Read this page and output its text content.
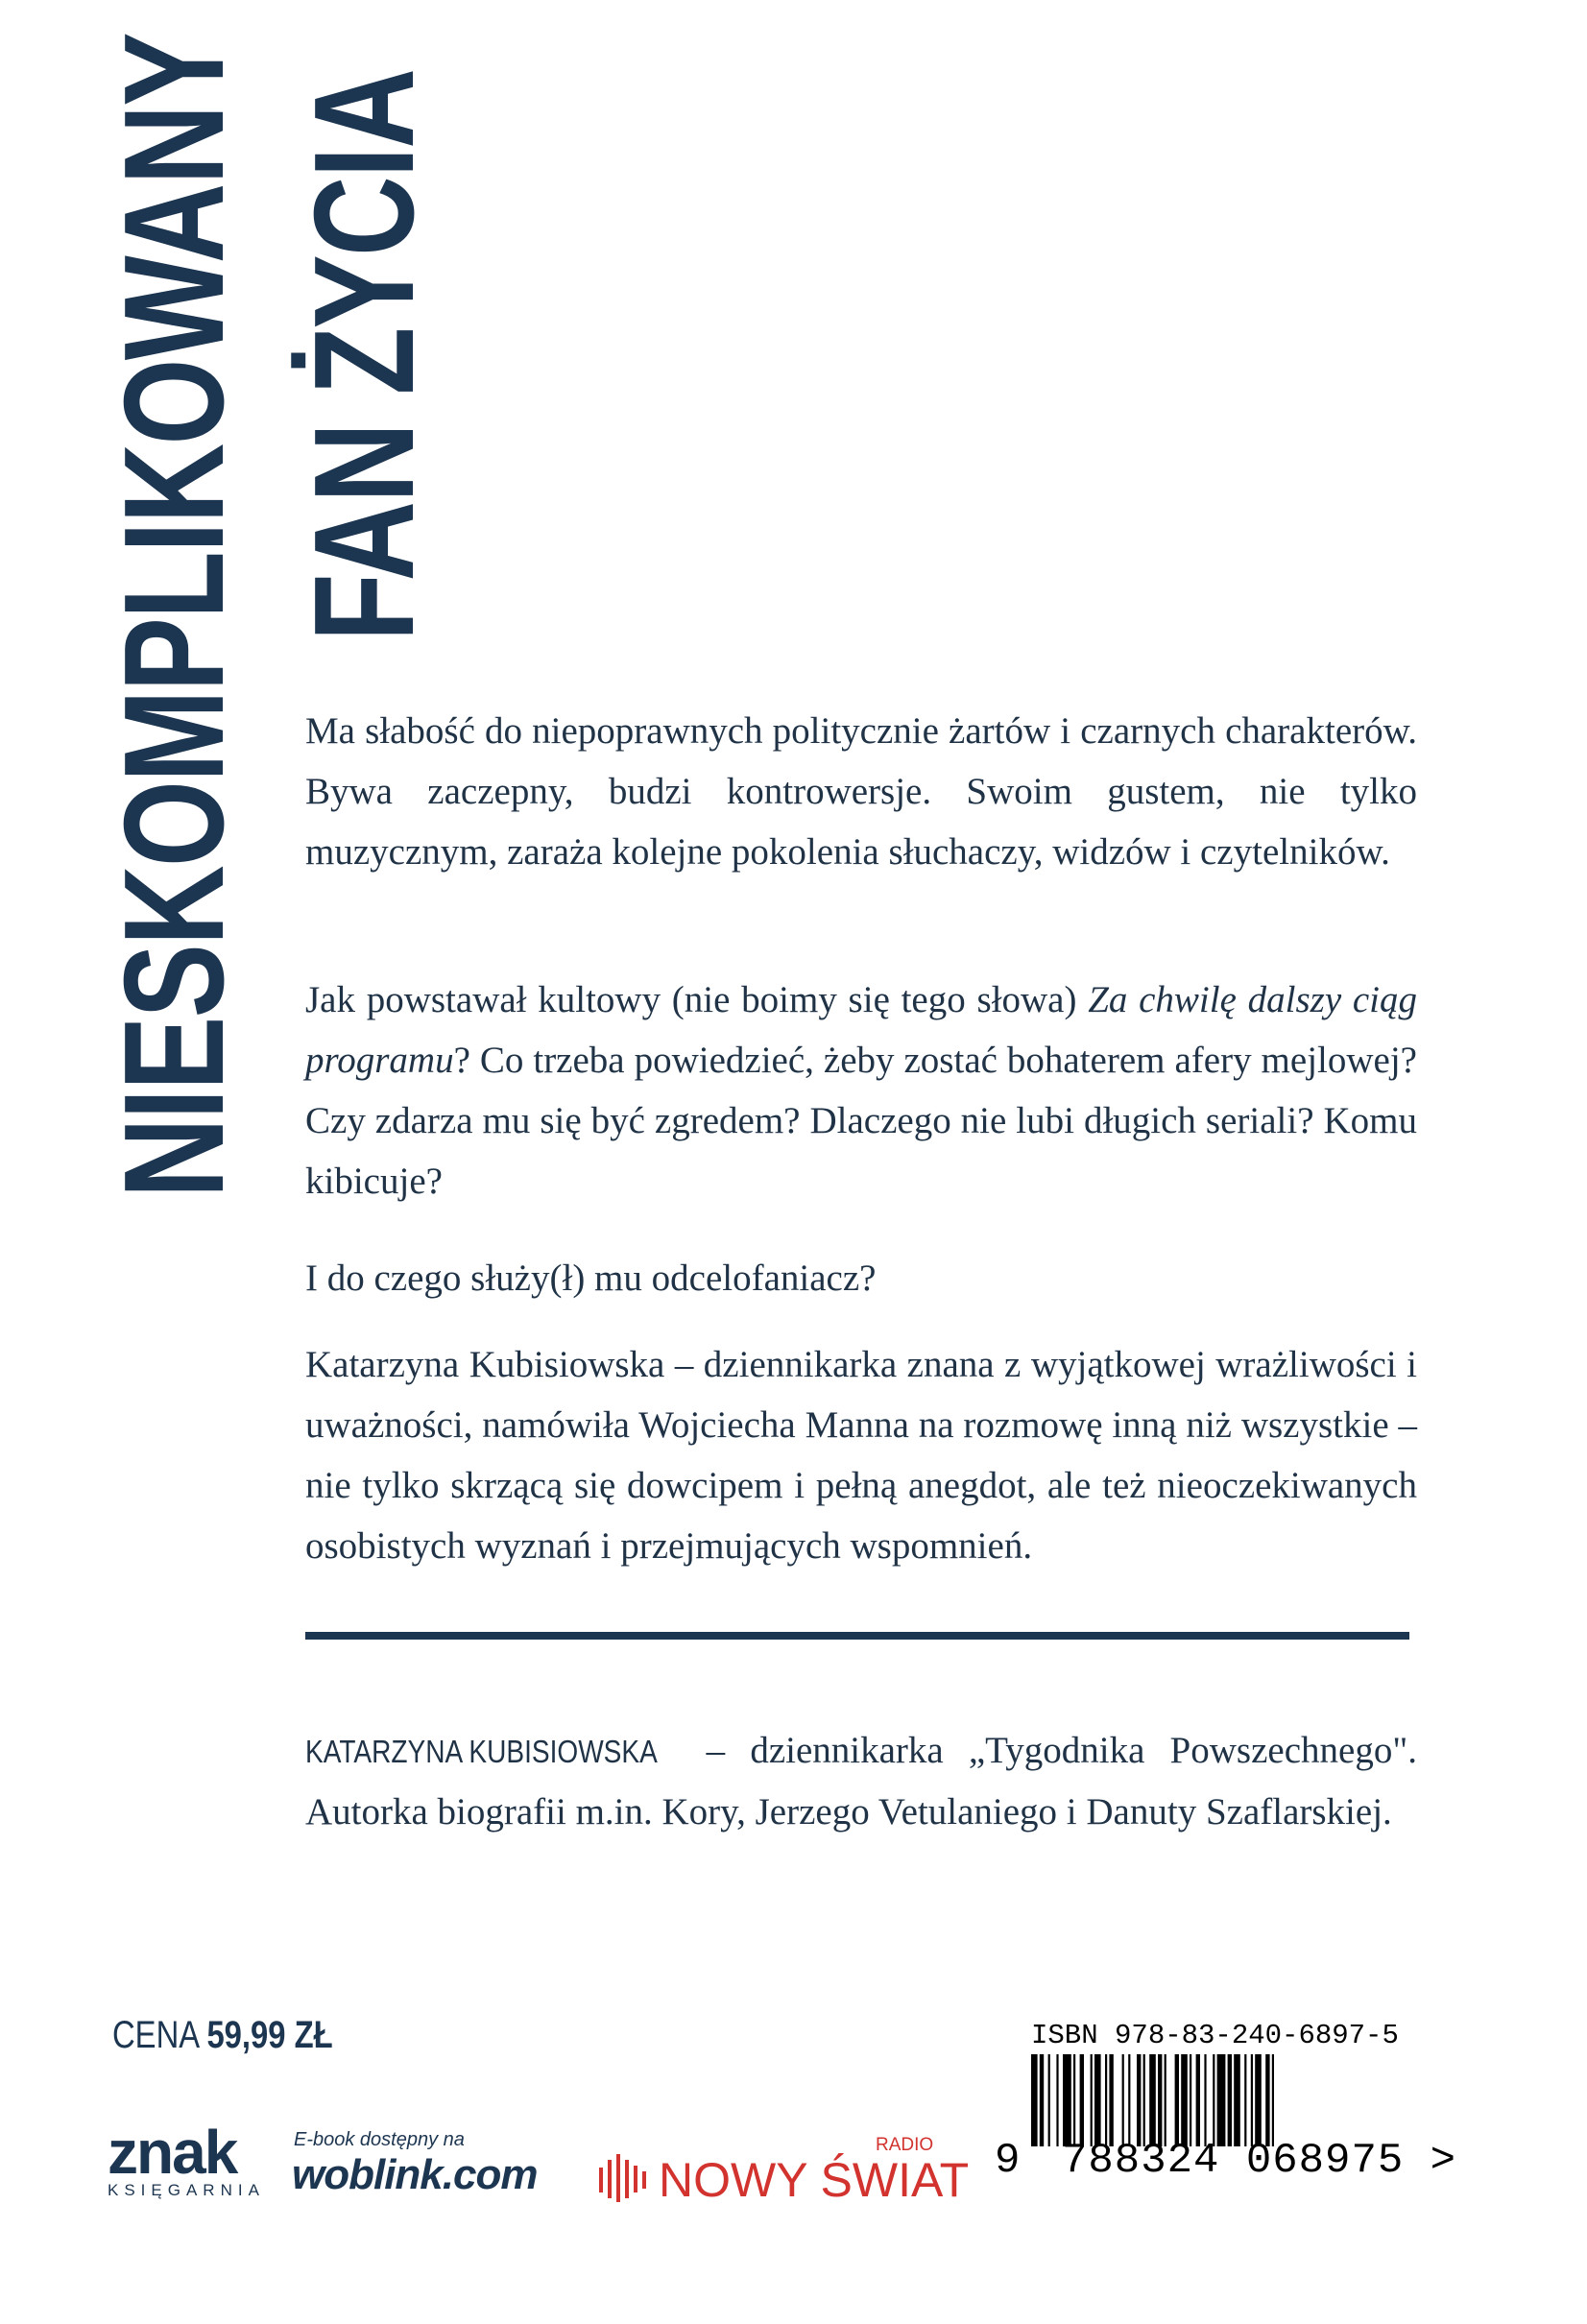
NIESKOMPLIKOWANY FAN ŻYCIA

Ma słabość do niepoprawnych politycznie żartów i czarnych charakterów. Bywa zaczepny, budzi kontrowersje. Swoim gustem, nie tylko muzycznym, zaraża kolejne pokolenia słuchaczy, widzów i czytelników.

Jak powstawał kultowy (nie boimy się tego słowa) Za chwilę dalszy ciąg programu? Co trzeba powiedzieć, żeby zostać bohaterem afery mejlowej? Czy zdarza mu się być zgredem? Dlaczego nie lubi długich seriali? Komu kibicuje?

I do czego służy(ł) mu odcelofaniacz?

Katarzyna Kubisiowska – dziennikarka znana z wyjątkowej wrażliwości i uważności, namówiła Wojciecha Manna na rozmowę inną niż wszystkie – nie tylko skrzącą się dowcipem i pełną anegdot, ale też nieoczekiwanych osobistych wyznań i przejmujących wspomnień.

KATARZYNA KUBISIOWSKA – dziennikarka „Tygodnika Powszechnego". Autorka biografii m.in. Kory, Jerzego Vetulaniego i Danuty Szaflarskiej.

CENA 59,99 ZŁ
znak
KSIĘGARNIA
E-book dostępny na
woblink.com
RADIO
NOWY ŚWIAT
ISBN 978-83-240-6897-5
9 788324 068975 >
